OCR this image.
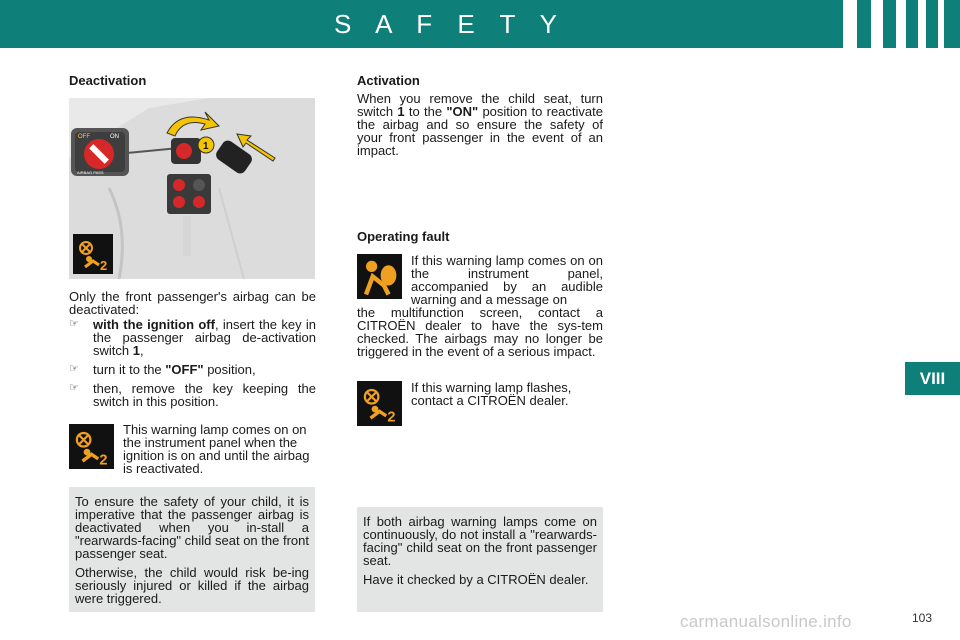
S A F E T Y
VIII
Deactivation
OFF	ON
AIRBAG PASS
1
2
Only the front passenger's airbag can be deactivated:
☞ with the ignition off, insert the key in the passenger airbag de-activation switch 1,
☞ turn it to the "OFF" position,
☞ then, remove the key keeping the switch in this position.
2
This warning lamp comes on on the instrument panel when the ignition is on and until the airbag is reactivated.
To ensure the safety of your child, it is imperative that the passenger airbag is deactivated when you in-stall a "rearwards-facing" child seat on the front passenger seat.
Otherwise, the child would risk be-ing seriously injured or killed if the airbag were triggered.
Activation
When you remove the child seat, turn switch 1 to the "ON" position to reactivate the airbag and so ensure the safety of your front passenger in the event of an impact.
Operating fault
If this warning lamp comes on on the instrument panel, accompanied by an audible warning and a message on
the multifunction screen, contact a CITROËN dealer to have the sys-tem checked. The airbags may no longer be triggered in the event of a serious impact.
2
If this warning lamp flashes, contact a CITROËN dealer.
If both airbag warning lamps come on continuously, do not install a "rearwards-facing" child seat on the front passenger seat.
Have it checked by a CITROËN dealer.
carmanualsonline.info	103
